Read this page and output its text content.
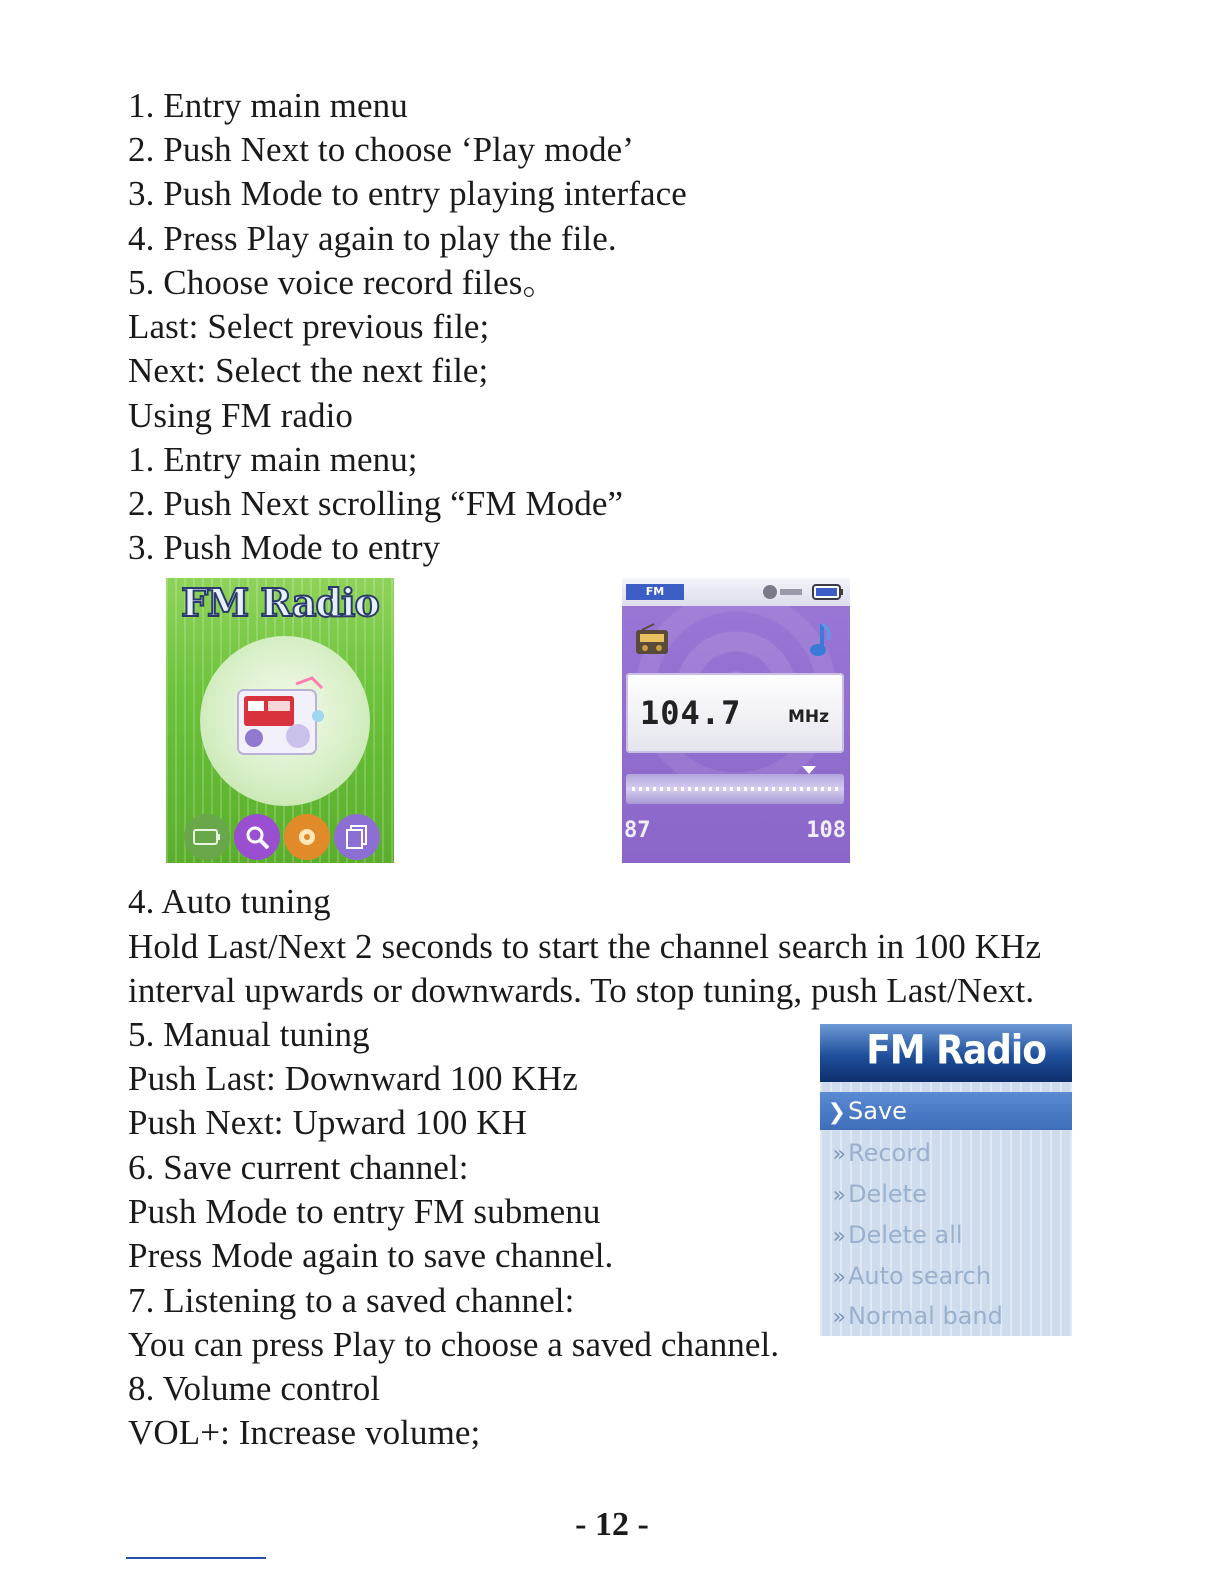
1. Entry main menu
2. Push Next to choose ‘Play mode’
3. Push Mode to entry playing interface
4. Press Play again to play the file.
5. Choose voice record files。
Last: Select previous file;
Next: Select the next file;
Using FM radio
1. Entry main menu;
2. Push Next scrolling “FM Mode”
3. Push Mode to entry
FM Radio	FM
104.7	MHz
87	108
4. Auto tuning
Hold Last/Next 2 seconds to start the channel search in 100 KHz
interval upwards or downwards. To stop tuning, push Last/Next.
5. Manual tuning
Push Last: Downward 100 KHz
Push Next: Upward 100 KH
6. Save current channel:
Push Mode to entry FM submenu
Press Mode again to save channel.
7. Listening to a saved channel:
You can press Play to choose a saved channel.
8. Volume control
VOL+: Increase volume;
FM Radio
❯Save
»Record
»Delete
»Delete all
»Auto search
»Normal band
- 12 -
